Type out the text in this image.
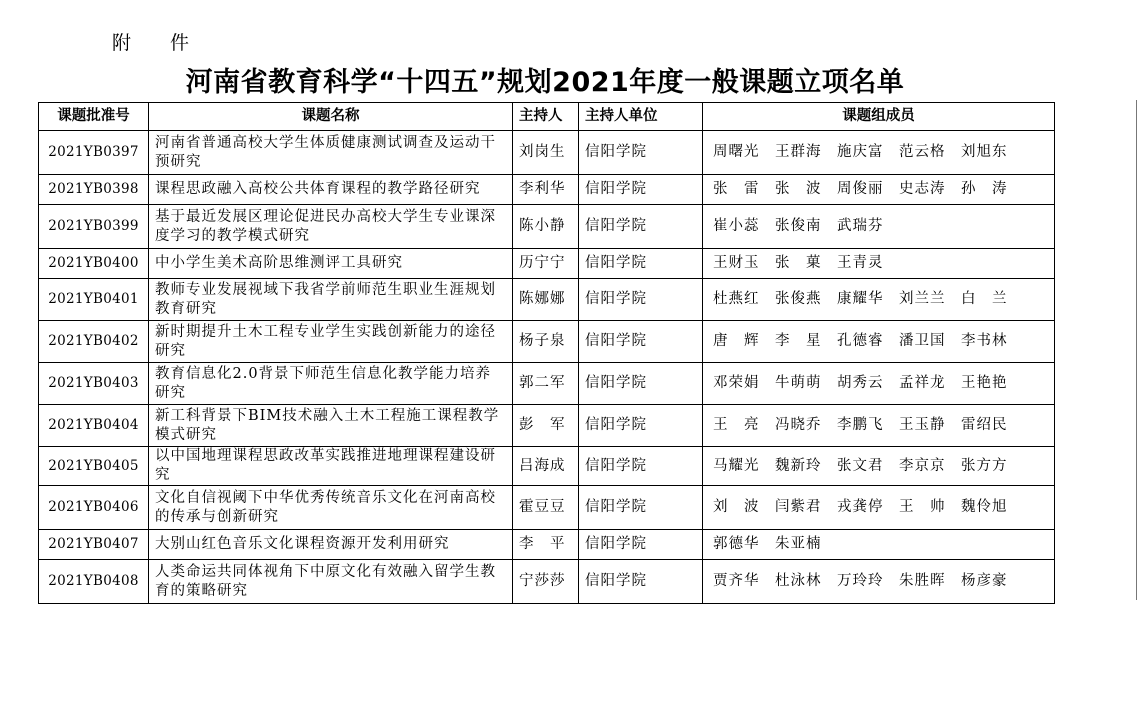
附　件
河南省教育科学“十四五”规划2021年度一般课题立项名单
课题批准号	课题名称	主持人	主持人单位	课题组成员
2021YB0397	河南省普通高校大学生体质健康测试调查及运动干预研究	刘岗生	信阳学院	周曙光　王群海　施庆富　范云格　刘旭东
2021YB0398	课程思政融入高校公共体育课程的教学路径研究	李利华	信阳学院	张　雷　张　波　周俊丽　史志涛　孙　涛
2021YB0399	基于最近发展区理论促进民办高校大学生专业课深度学习的教学模式研究	陈小静	信阳学院	崔小蕊　张俊南　武瑞芬
2021YB0400	中小学生美术高阶思维测评工具研究	历宁宁	信阳学院	王财玉　张　菓　王青灵
2021YB0401	教师专业发展视域下我省学前师范生职业生涯规划教育研究	陈娜娜	信阳学院	杜燕红　张俊燕　康耀华　刘兰兰　白　兰
2021YB0402	新时期提升土木工程专业学生实践创新能力的途径研究	杨子泉	信阳学院	唐　辉　李　星　孔德睿　潘卫国　李书林
2021YB0403	教育信息化2.0背景下师范生信息化教学能力培养研究	郭二军	信阳学院	邓荣娟　牛萌萌　胡秀云　孟祥龙　王艳艳
2021YB0404	新工科背景下BIM技术融入土木工程施工课程教学模式研究	彭　军	信阳学院	王　亮　冯晓乔　李鹏飞　王玉静　雷绍民
2021YB0405	以中国地理课程思政改革实践推进地理课程建设研究	吕海成	信阳学院	马耀光　魏新玲　张文君　李京京　张方方
2021YB0406	文化自信视阈下中华优秀传统音乐文化在河南高校的传承与创新研究	霍豆豆	信阳学院	刘　波　闫紫君　戎龚停　王　帅　魏伶旭
2021YB0407	大别山红色音乐文化课程资源开发利用研究	李　平	信阳学院	郭德华　朱亚楠
2021YB0408	人类命运共同体视角下中原文化有效融入留学生教育的策略研究	宁莎莎	信阳学院	贾齐华　杜泳林　万玲玲　朱胜晖　杨彦豪
